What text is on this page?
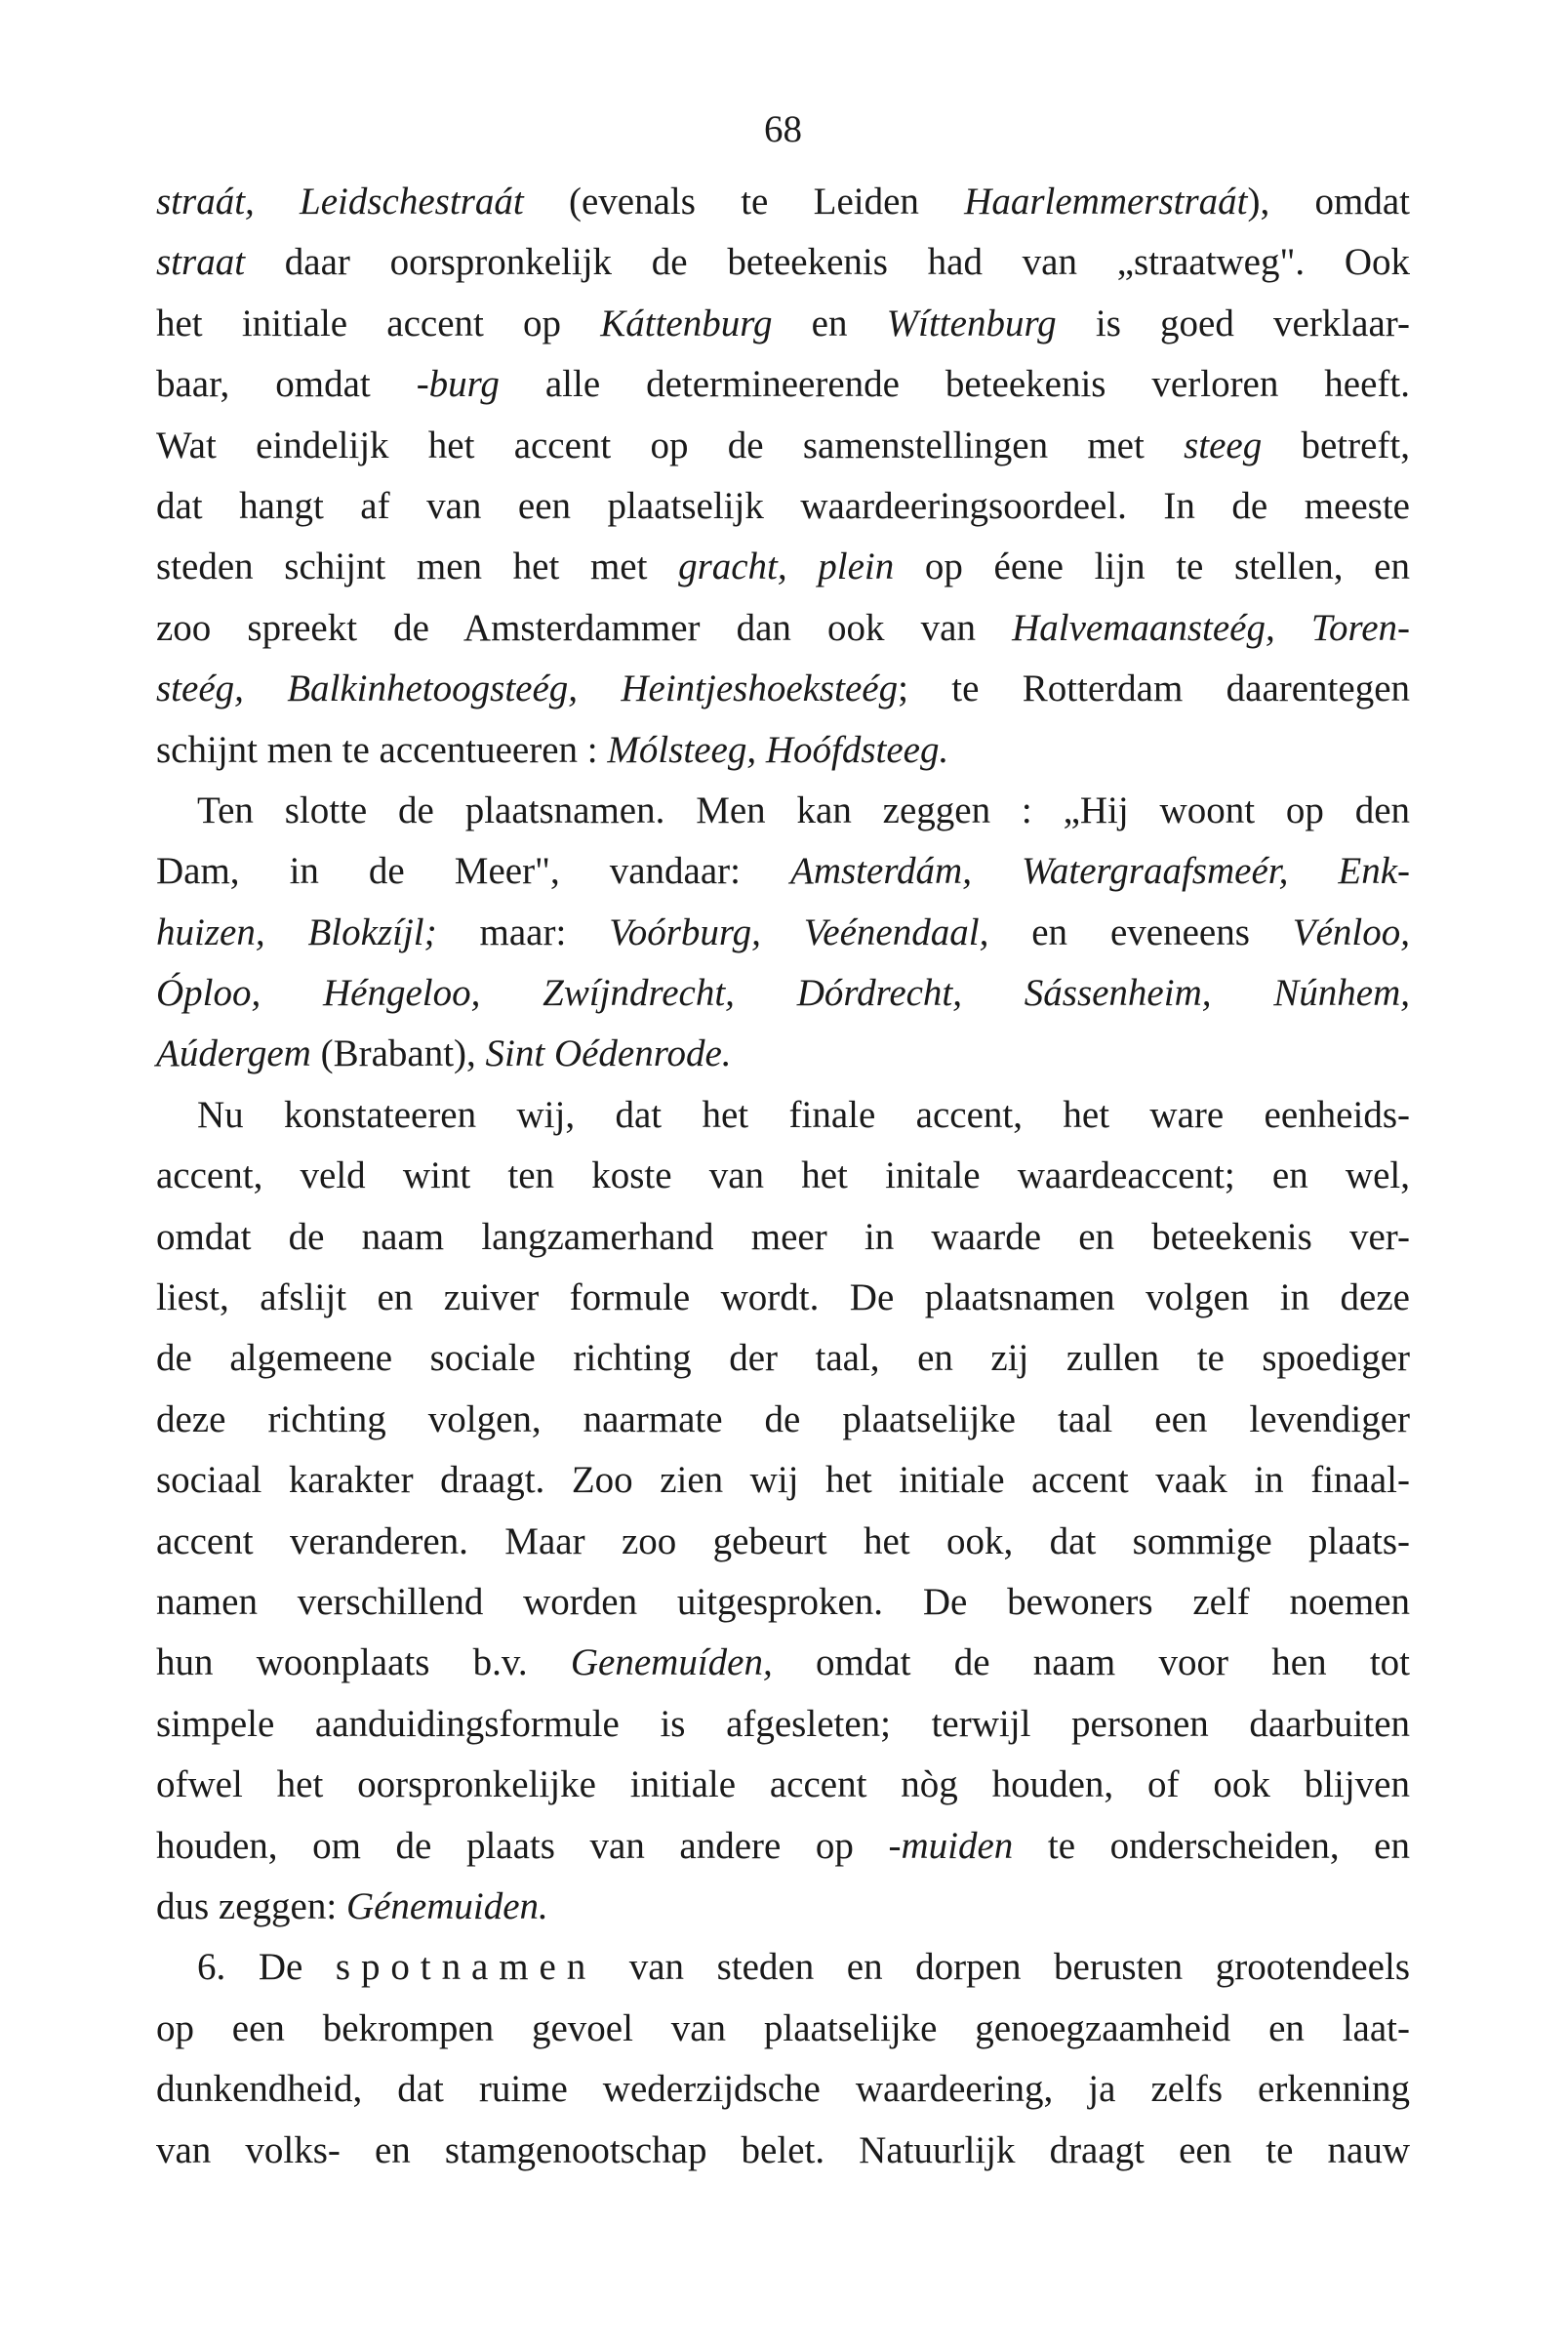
68
straát, Leidschestraát (evenals te Leiden Haarlemmerstraát), omdat
straat daar oorspronkelijk de beteekenis had van „straatweg". Ook
het initiale accent op Káttenburg en Wíttenburg is goed verklaar-
baar, omdat -burg alle determineerende beteekenis verloren heeft.
Wat eindelijk het accent op de samenstellingen met steeg betreft,
dat hangt af van een plaatselijk waardeeringsoordeel. In de meeste
steden schijnt men het met gracht, plein op éene lijn te stellen, en
zoo spreekt de Amsterdammer dan ook van Halvemaansteég, Toren-
steég, Balkinhetoogsteég, Heintjeshoeksteég; te Rotterdam daarentegen
schijnt men te accentueeren : Mólsteeg, Hoófdsteeg.
Ten slotte de plaatsnamen. Men kan zeggen : „Hij woont op den
Dam, in de Meer", vandaar: Amsterdám, Watergraafsmeér, Enk-
huizen, Blokzíjl; maar: Voórburg, Veénendaal, en eveneens Vénloo,
Óploo, Héngeloo, Zwíjndrecht, Dórdrecht, Sássenheim, Núnhem,
Aúdergem (Brabant), Sint Oédenrode.
Nu konstateeren wij, dat het finale accent, het ware eenheids-
accent, veld wint ten koste van het initale waardeaccent; en wel,
omdat de naam langzamerhand meer in waarde en beteekenis ver-
liest, afslijt en zuiver formule wordt. De plaatsnamen volgen in deze
de algemeene sociale richting der taal, en zij zullen te spoediger
deze richting volgen, naarmate de plaatselijke taal een levendiger
sociaal karakter draagt. Zoo zien wij het initiale accent vaak in finaal-
accent veranderen. Maar zoo gebeurt het ook, dat sommige plaats-
namen verschillend worden uitgesproken. De bewoners zelf noemen
hun woonplaats b.v. Genemuíden, omdat de naam voor hen tot
simpele aanduidingsformule is afgesleten; terwijl personen daarbuiten
ofwel het oorspronkelijke initiale accent nòg houden, of ook blijven
houden, om de plaats van andere op -muiden te onderscheiden, en
dus zeggen: Génemuiden.
6. De spotnamen van steden en dorpen berusten grootendeels
op een bekrompen gevoel van plaatselijke genoegzaamheid en laat-
dunkendheid, dat ruime wederzijdsche waardeering, ja zelfs erkenning
van volks- en stamgenootschap belet. Natuurlijk draagt een te nauw
